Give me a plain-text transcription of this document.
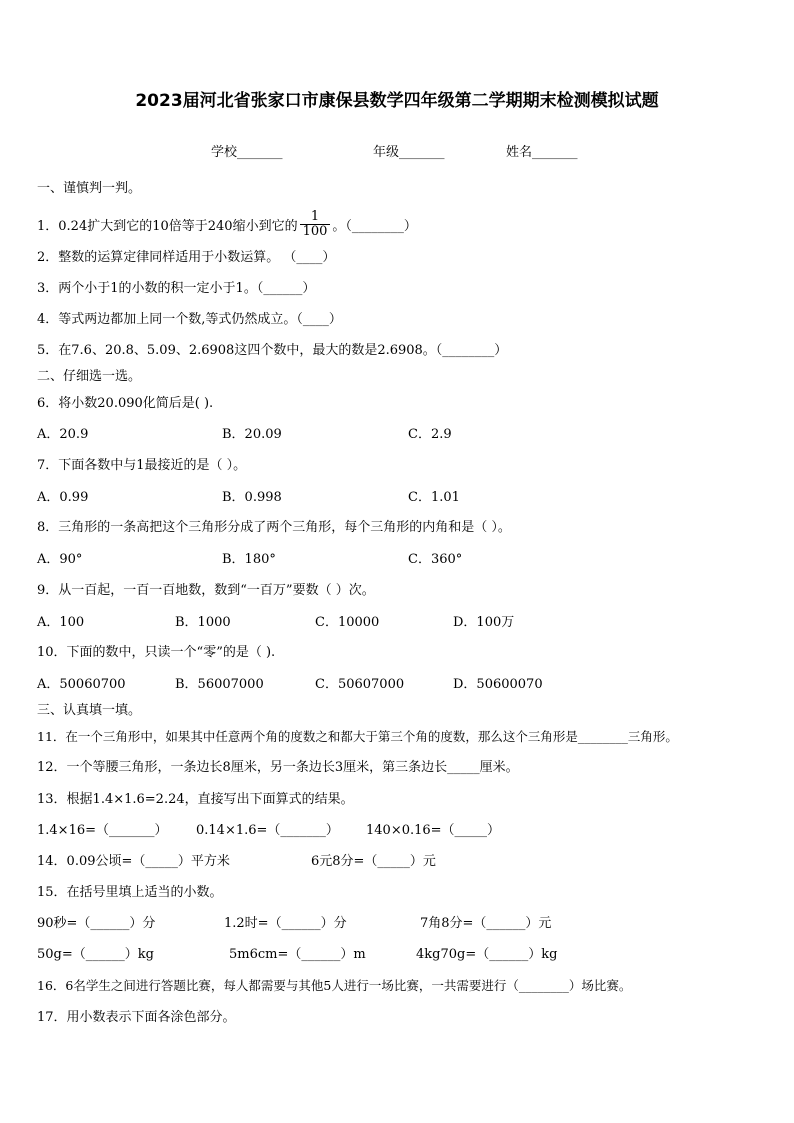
2023届河北省张家口市康保县数学四年级第二学期期末检测模拟试题
学校_______	年级_______	姓名_______
一、谨慎判一判。
1．0.24扩大到它的10倍等于240缩小到它的 $\frac{1}{100}$ 。（________）
2．整数的运算定律同样适用于小数运算。 （____）
3．两个小于1的小数的积一定小于1。（______）
4．等式两边都加上同一个数,等式仍然成立。（____）
5．在7.6、20.8、5.09、2.6908这四个数中，最大的数是2.6908。（________）
二、仔细选一选。
6．将小数20.090化简后是( ).
A．20.9	B．20.09	C．2.9
7．下面各数中与1最接近的是（ ）。
A．0.99	B．0.998	C．1.01
8．三角形的一条高把这个三角形分成了两个三角形，每个三角形的内角和是（ ）。
A．90°	B．180°	C．360°
9．从一百起，一百一百地数，数到“一百万”要数（ ）次。
A．100	B．1000	C．10000	D．100万
10．下面的数中，只读一个“零”的是（ ).
A．50060700	B．56007000	C．50607000	D．50600070
三、认真填一填。
11．在一个三角形中，如果其中任意两个角的度数之和都大于第三个角的度数，那么这个三角形是________三角形。
12．一个等腰三角形，一条边长8厘米，另一条边长3厘米，第三条边长_____厘米。
13．根据1.4×1.6=2.24，直接写出下面算式的结果。
1.4×16=（_______） 0.14×1.6=（_______） 140×0.16=（_____）
14．0.09公顷=（_____）平方米	6元8分=（_____）元
15．在括号里填上适当的小数。
90秒=（______）分	1.2时=（______）分	7角8分=（______）元
50g=（______）kg	5m6cm=（______）m	4kg70g=（______）kg
16．6名学生之间进行答题比赛，每人都需要与其他5人进行一场比赛，一共需要进行（________）场比赛。
17．用小数表示下面各涂色部分。
